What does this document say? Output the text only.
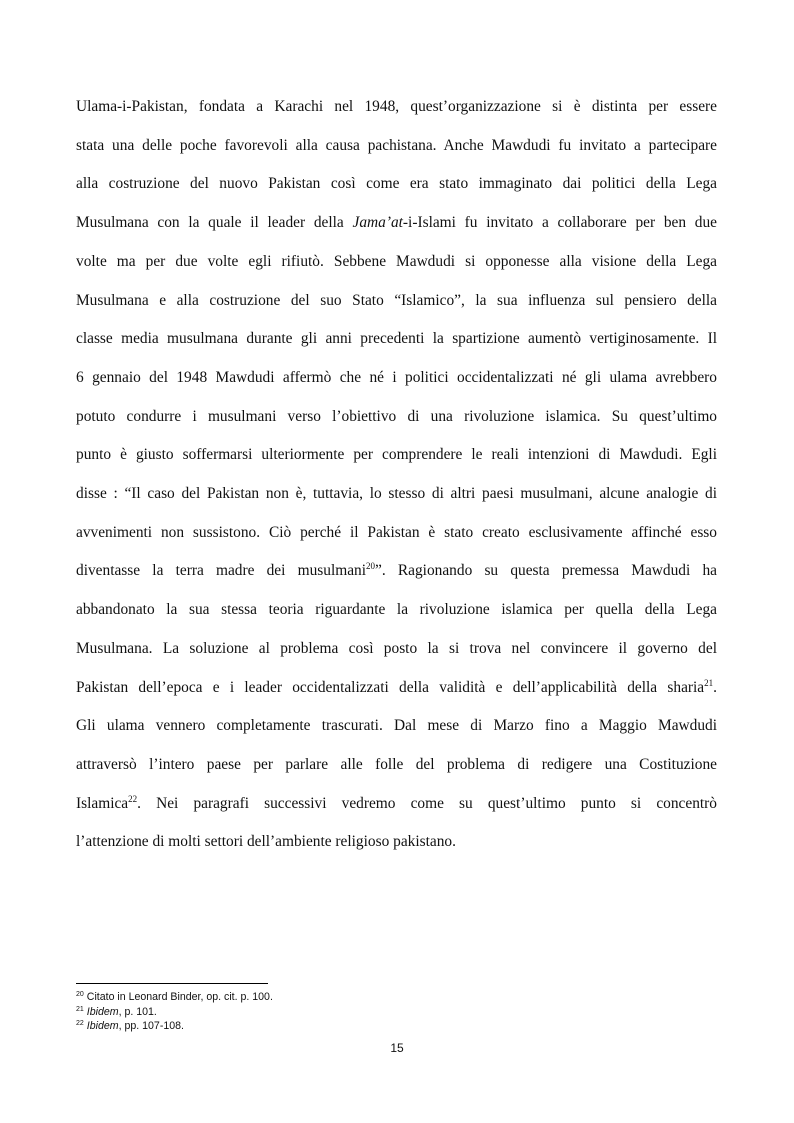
Ulama-i-Pakistan, fondata a Karachi nel 1948, quest’organizzazione si è distinta per essere
stata una delle poche favorevoli alla causa pachistana. Anche Mawdudi fu invitato a partecipare
alla costruzione del nuovo Pakistan così come era stato immaginato dai politici della Lega
Musulmana con la quale il leader della Jama’at-i-Islami fu invitato a collaborare per ben due
volte ma per due volte egli rifiutò. Sebbene Mawdudi si opponesse alla visione della Lega
Musulmana e alla costruzione del suo Stato “Islamico”, la sua influenza sul pensiero della
classe media musulmana durante gli anni precedenti la spartizione aumentò vertiginosamente. Il
6 gennaio del 1948 Mawdudi affermò che né i politici occidentalizzati né gli ulama avrebbero
potuto condurre i musulmani verso l’obiettivo di una rivoluzione islamica. Su quest’ultimo
punto è giusto soffermarsi ulteriormente per comprendere le reali intenzioni di Mawdudi. Egli
disse : “Il caso del Pakistan non è, tuttavia, lo stesso di altri paesi musulmani, alcune analogie di
avvenimenti non sussistono. Ciò perché il Pakistan è stato creato esclusivamente affinché esso
diventasse la terra madre dei musulmani$^{20}$”. Ragionando su questa premessa Mawdudi ha
abbandonato la sua stessa teoria riguardante la rivoluzione islamica per quella della Lega
Musulmana. La soluzione al problema così posto la si trova nel convincere il governo del
Pakistan dell’epoca e i leader occidentalizzati della validità e dell’applicabilità della sharia$^{21}$.
Gli ulama vennero completamente trascurati. Dal mese di Marzo fino a Maggio Mawdudi
attraversò l’intero paese per parlare alle folle del problema di redigere una Costituzione
Islamica$^{22}$. Nei paragrafi successivi vedremo come su quest’ultimo punto si concentrò
l’attenzione di molti settori dell’ambiente religioso pakistano.
$^{20}$ Citato in Leonard Binder, op. cit. p. 100.
$^{21}$ Ibidem, p. 101.
$^{22}$ Ibidem, pp. 107-108.
15
